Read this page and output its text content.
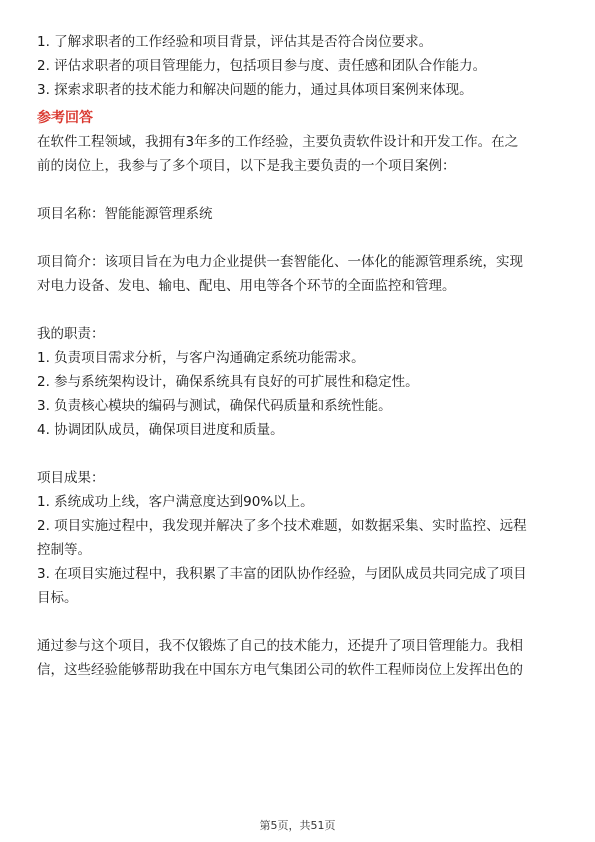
1. 了解求职者的工作经验和项目背景，评估其是否符合岗位要求。

2. 评估求职者的项目管理能力，包括项目参与度、责任感和团队合作能力。

3. 探索求职者的技术能力和解决问题的能力，通过具体项目案例来体现。

参考回答

在软件工程领域，我拥有3年多的工作经验，主要负责软件设计和开发工作。在之

前的岗位上，我参与了多个项目，以下是我主要负责的一个项目案例：

项目名称：智能能源管理系统

项目简介：该项目旨在为电力企业提供一套智能化、一体化的能源管理系统，实现

对电力设备、发电、输电、配电、用电等各个环节的全面监控和管理。

我的职责：

1. 负责项目需求分析，与客户沟通确定系统功能需求。

2. 参与系统架构设计，确保系统具有良好的可扩展性和稳定性。

3. 负责核心模块的编码与测试，确保代码质量和系统性能。

4. 协调团队成员，确保项目进度和质量。

项目成果：

1. 系统成功上线，客户满意度达到90%以上。

2. 项目实施过程中，我发现并解决了多个技术难题，如数据采集、实时监控、远程

控制等。

3. 在项目实施过程中，我积累了丰富的团队协作经验，与团队成员共同完成了项目

目标。

通过参与这个项目，我不仅锻炼了自己的技术能力，还提升了项目管理能力。我相

信，这些经验能够帮助我在中国东方电气集团公司的软件工程师岗位上发挥出色的

第5页，共51页
